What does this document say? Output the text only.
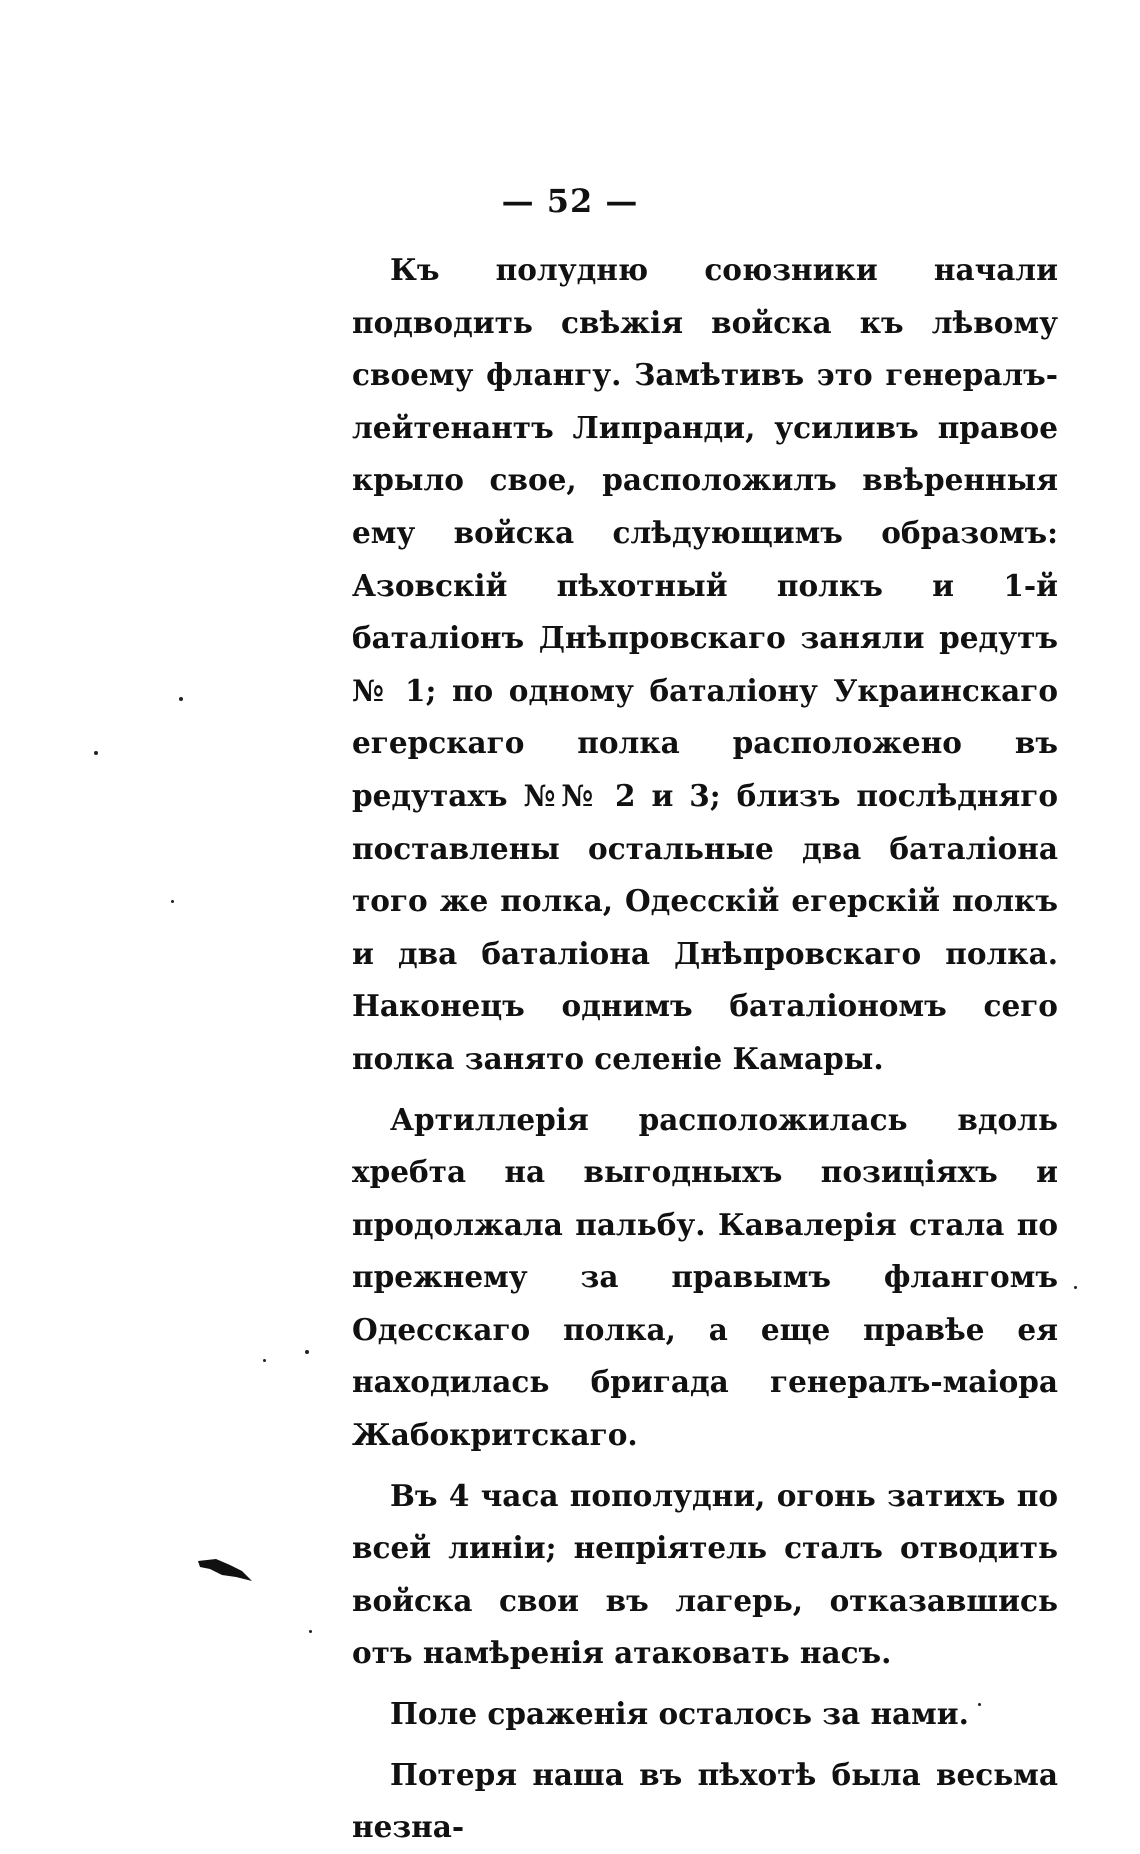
— 52 —

Къ полудню союзники начали подводить свѣжія войска къ лѣвому своему флангу. Замѣтивъ это генералъ-лейтенантъ Липранди, усиливъ правое крыло свое, расположилъ ввѣренныя ему войска слѣдующимъ образомъ: Азовскій пѣхотный полкъ и 1-й баталіонъ Днѣпровскаго заняли редутъ № 1; по одному баталіону Украинскаго егерскаго полка расположено въ редутахъ №№ 2 и 3; близъ послѣдняго поставлены остальные два баталіона того же полка, Одесскій егерскій полкъ и два баталіона Днѣпровскаго полка. Наконецъ однимъ баталіономъ сего полка занято селеніе Камары.

Артиллерія расположилась вдоль хребта на выгодныхъ позиціяхъ и продолжала пальбу. Кавалерія стала по прежнему за правымъ флангомъ Одесскаго полка, а еще правѣе ея находилась бригада генералъ-маіора Жабокритскаго.

Въ 4 часа пополудни, огонь затихъ по всей линіи; непріятель сталъ отводить войска свои въ лагерь, отказавшись отъ намѣренія атаковать насъ.

Поле сраженія осталось за нами.

Потеря наша въ пѣхотѣ была весьма незна-
